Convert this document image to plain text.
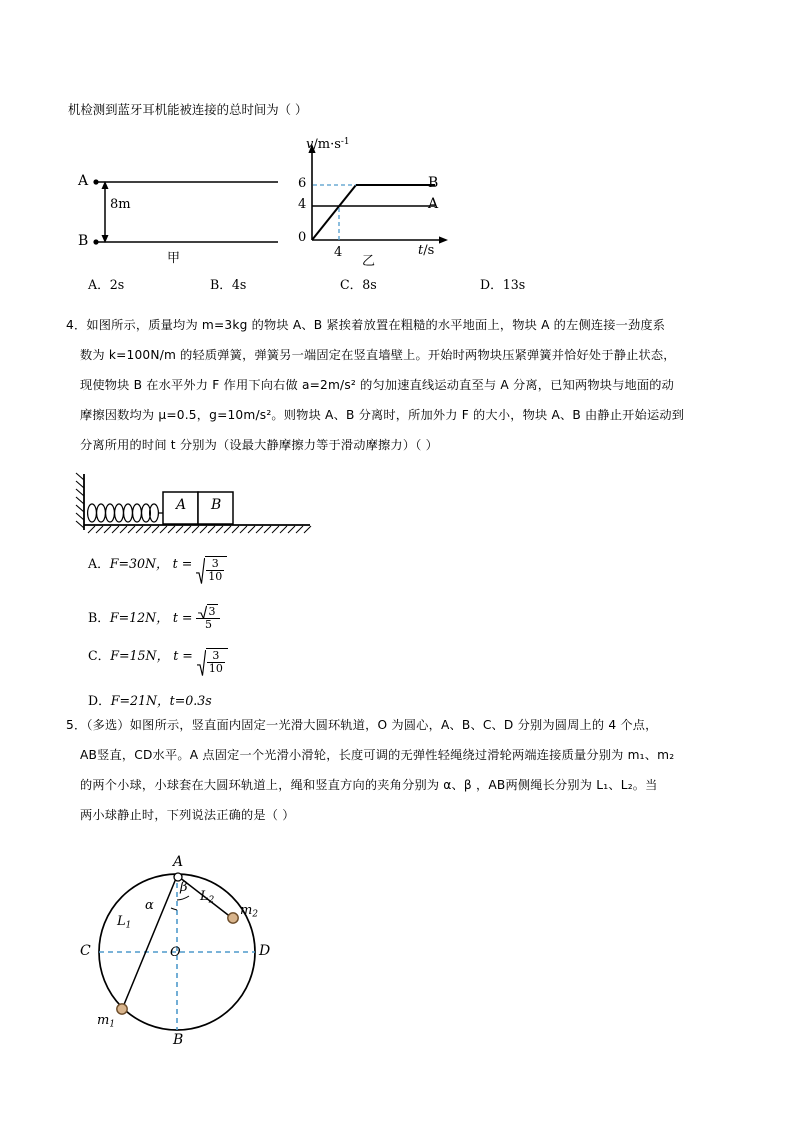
机检测到蓝牙耳机能被连接的总时间为（ ）
A
B
8m
甲
$v/m\cdot s^{-1}$
6
4
0
4	t/s
B
A
乙
A．2s	B．4s	C．8s	D．13s
4．如图所示，质量均为 m=3kg 的物块 A、B 紧挨着放置在粗糙的水平地面上，物块 A 的左侧连接一劲度系
数为 k=100N/m 的轻质弹簧，弹簧另一端固定在竖直墙壁上。开始时两物块压紧弹簧并恰好处于静止状态，
现使物块 B 在水平外力 F 作用下向右做 a=2m/s² 的匀加速直线运动直至与 A 分离，已知两物块与地面的动
摩擦因数均为 μ=0.5，g=10m/s²。则物块 A、B 分离时，所加外力 F 的大小，物块 A、B 由静止开始运动到
分离所用的时间 t 分别为（设最大静摩擦力等于滑动摩擦力）（ ）
A B
A．F=30N， $t = \frac{3}{10}$
B．F=12N， $t = \frac{3}{5}$
C．F=15N， $t = \frac{3}{10}$
D．F=21N，t=0.3s
5．（多选）如图所示，竖直面内固定一光滑大圆环轨道，O 为圆心，A、B、C、D 分别为圆周上的 4 个点，
AB竖直，CD水平。A 点固定一个光滑小滑轮，长度可调的无弹性轻绳绕过滑轮两端连接质量分别为 m₁、m₂
的两个小球，小球套在大圆环轨道上，绳和竖直方向的夹角分别为 α、β ，AB两侧绳长分别为 L₁、L₂。当
两小球静止时，下列说法正确的是（ ）
A
B
C	D
O
α
β
$L_1$
$L_2$
$m_1$
$m_2$
